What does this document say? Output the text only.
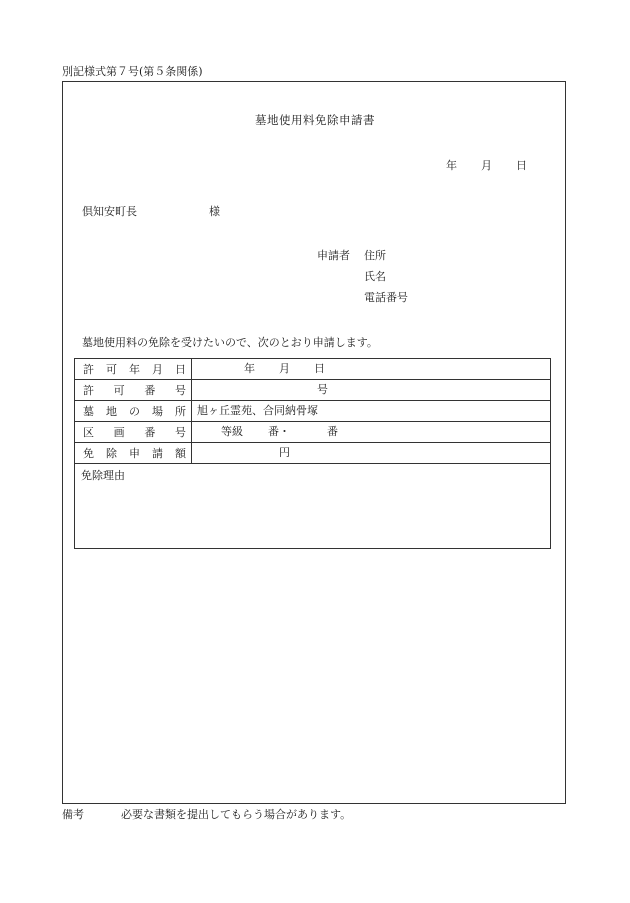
別記様式第７号(第５条関係)
墓地使用料免除申請書
年 月 日
倶知安町長	様
申請者 住所
氏名
電話番号
墓地使用料の免除を受けたいので、次のとおり申請します。
許 可 年 月 日	年 月 日

許 可 番 号	号

墓 地 の 場 所	旭ヶ丘霊苑、合同納骨塚

区 画 番 号	等級 番・ 番

免 除 申 請 額	円

免除理由	
備考	必要な書類を提出してもらう場合があります。
